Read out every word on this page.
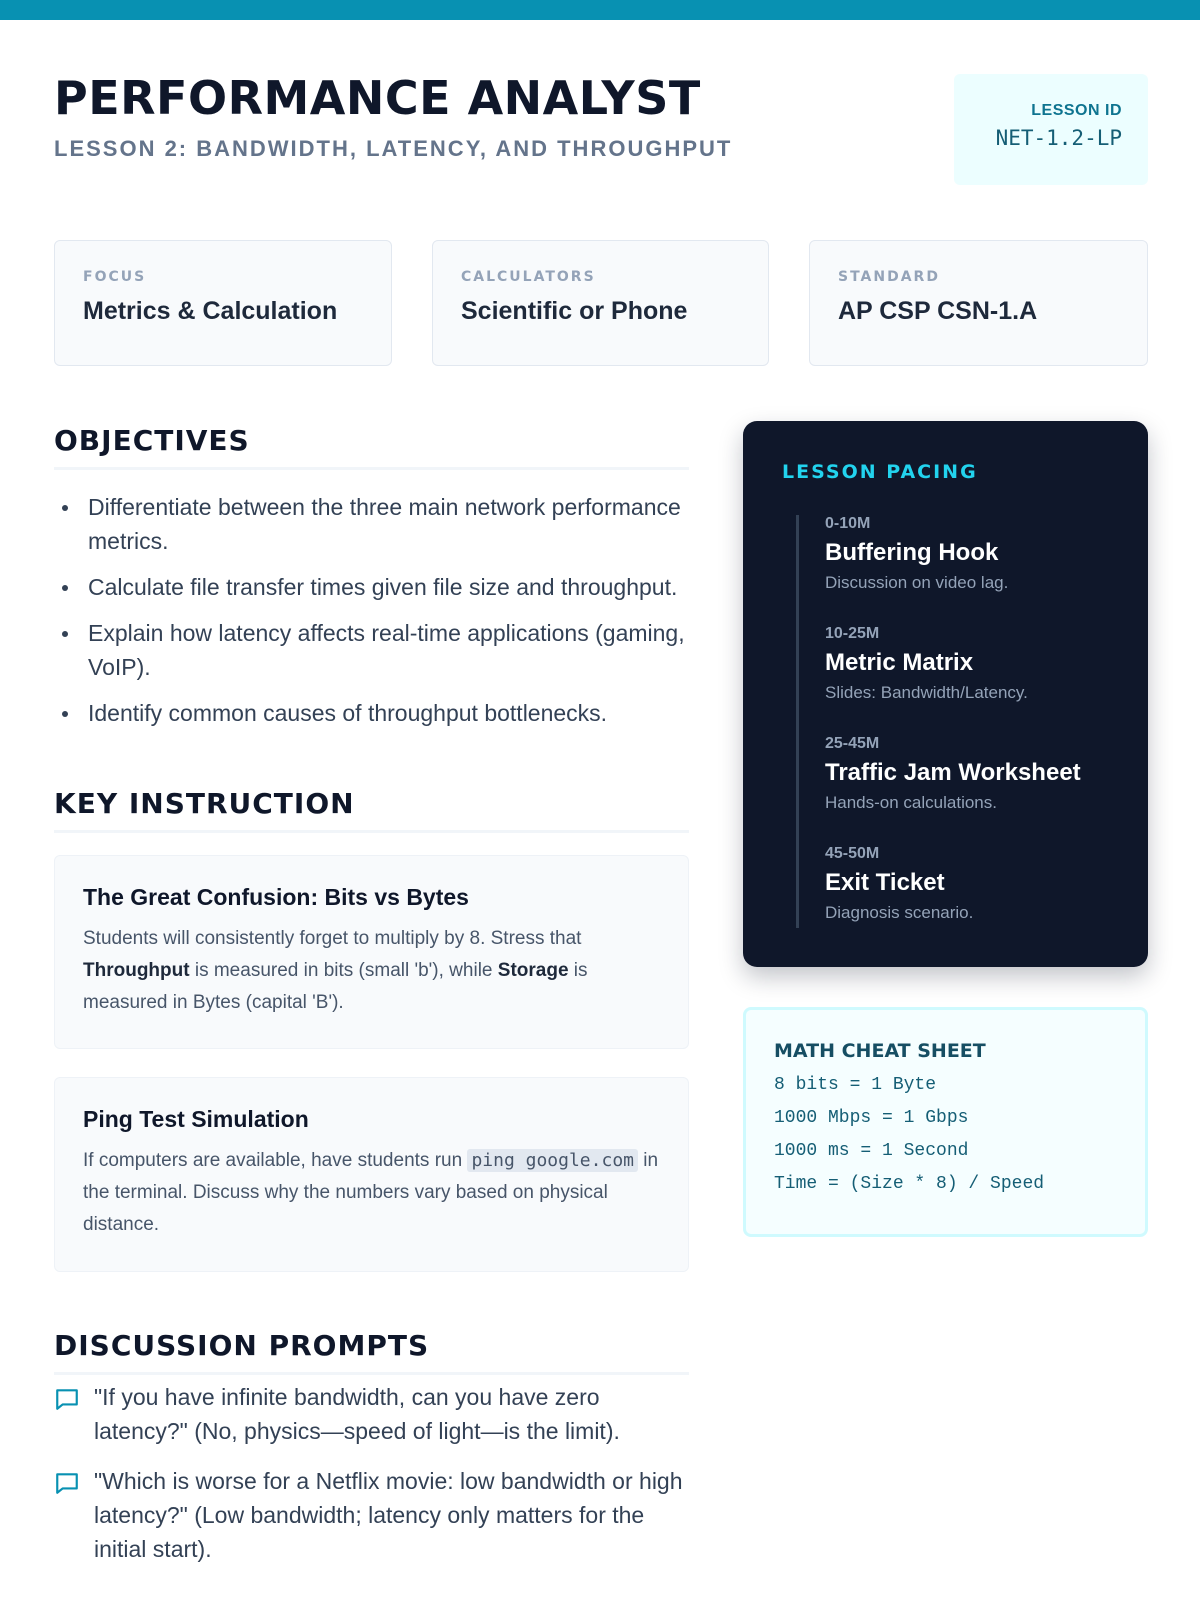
PERFORMANCE ANALYST
LESSON 2: BANDWIDTH, LATENCY, AND THROUGHPUT
LESSON ID
NET-1.2-LP
FOCUS
Metrics & Calculation
CALCULATORS
Scientific or Phone
STANDARD
AP CSP CSN-1.A
OBJECTIVES
Differentiate between the three main network performance metrics.
Calculate file transfer times given file size and throughput.
Explain how latency affects real-time applications (gaming, VoIP).
Identify common causes of throughput bottlenecks.
KEY INSTRUCTION
The Great Confusion: Bits vs Bytes
Students will consistently forget to multiply by 8. Stress that Throughput is measured in bits (small 'b'), while Storage is measured in Bytes (capital 'B').
Ping Test Simulation
If computers are available, have students run ping google.com in the terminal. Discuss why the numbers vary based on physical distance.
DISCUSSION PROMPTS
"If you have infinite bandwidth, can you have zero latency?" (No, physics—speed of light—is the limit).
"Which is worse for a Netflix movie: low bandwidth or high latency?" (Low bandwidth; latency only matters for the initial start).
LESSON PACING
0-10M
Buffering Hook
Discussion on video lag.
10-25M
Metric Matrix
Slides: Bandwidth/Latency.
25-45M
Traffic Jam Worksheet
Hands-on calculations.
45-50M
Exit Ticket
Diagnosis scenario.
MATH CHEAT SHEET
8 bits = 1 Byte
1000 Mbps = 1 Gbps
1000 ms = 1 Second
Time = (Size * 8) / Speed
